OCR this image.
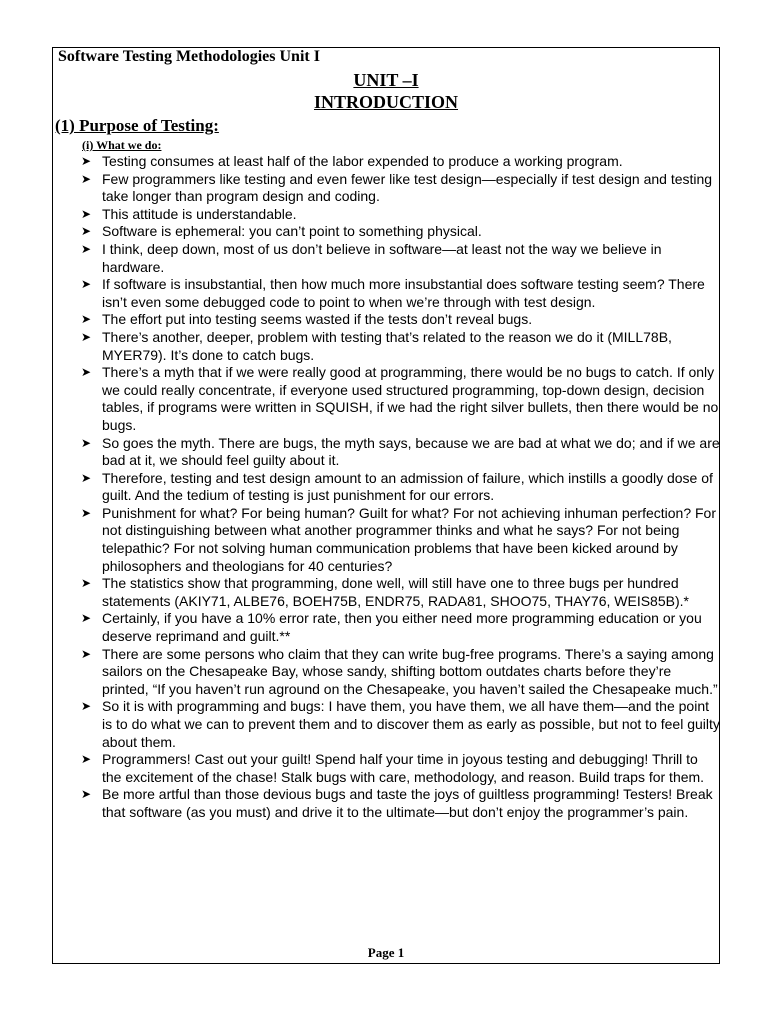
Software Testing Methodologies Unit I
UNIT –I
INTRODUCTION
(1) Purpose of Testing:
(i) What we do:
➤ Testing consumes at least half of the labor expended to produce a working program.
➤ Few programmers like testing and even fewer like test design—especially if test design and testing take longer than program design and coding.
➤ This attitude is understandable.
➤ Software is ephemeral: you can’t point to something physical.
➤ I think, deep down, most of us don’t believe in software—at least not the way we believe in hardware.
➤ If software is insubstantial, then how much more insubstantial does software testing seem? There isn’t even some debugged code to point to when we’re through with test design.
➤ The effort put into testing seems wasted if the tests don’t reveal bugs.
➤ There’s another, deeper, problem with testing that’s related to the reason we do it (MILL78B, MYER79). It’s done to catch bugs.
➤ There’s a myth that if we were really good at programming, there would be no bugs to catch. If only we could really concentrate, if everyone used structured programming, top-down design, decision tables, if programs were written in SQUISH, if we had the right silver bullets, then there would be no bugs.
➤ So goes the myth. There are bugs, the myth says, because we are bad at what we do; and if we are bad at it, we should feel guilty about it.
➤ Therefore, testing and test design amount to an admission of failure, which instills a goodly dose of guilt. And the tedium of testing is just punishment for our errors.
➤ Punishment for what? For being human? Guilt for what? For not achieving inhuman perfection? For not distinguishing between what another programmer thinks and what he says? For not being telepathic? For not solving human communication problems that have been kicked around by philosophers and theologians for 40 centuries?
➤ The statistics show that programming, done well, will still have one to three bugs per hundred statements (AKIY71, ALBE76, BOEH75B, ENDR75, RADA81, SHOO75, THAY76, WEIS85B).*
➤ Certainly, if you have a 10% error rate, then you either need more programming education or you deserve reprimand and guilt.**
➤ There are some persons who claim that they can write bug-free programs. There’s a saying among sailors on the Chesapeake Bay, whose sandy, shifting bottom outdates charts before they’re printed, “If you haven’t run aground on the Chesapeake, you haven’t sailed the Chesapeake much.”
➤ So it is with programming and bugs: I have them, you have them, we all have them—and the point is to do what we can to prevent them and to discover them as early as possible, but not to feel guilty about them.
➤ Programmers! Cast out your guilt! Spend half your time in joyous testing and debugging! Thrill to the excitement of the chase! Stalk bugs with care, methodology, and reason. Build traps for them.
➤ Be more artful than those devious bugs and taste the joys of guiltless programming! Testers! Break that software (as you must) and drive it to the ultimate—but don’t enjoy the programmer’s pain.
Page 1
